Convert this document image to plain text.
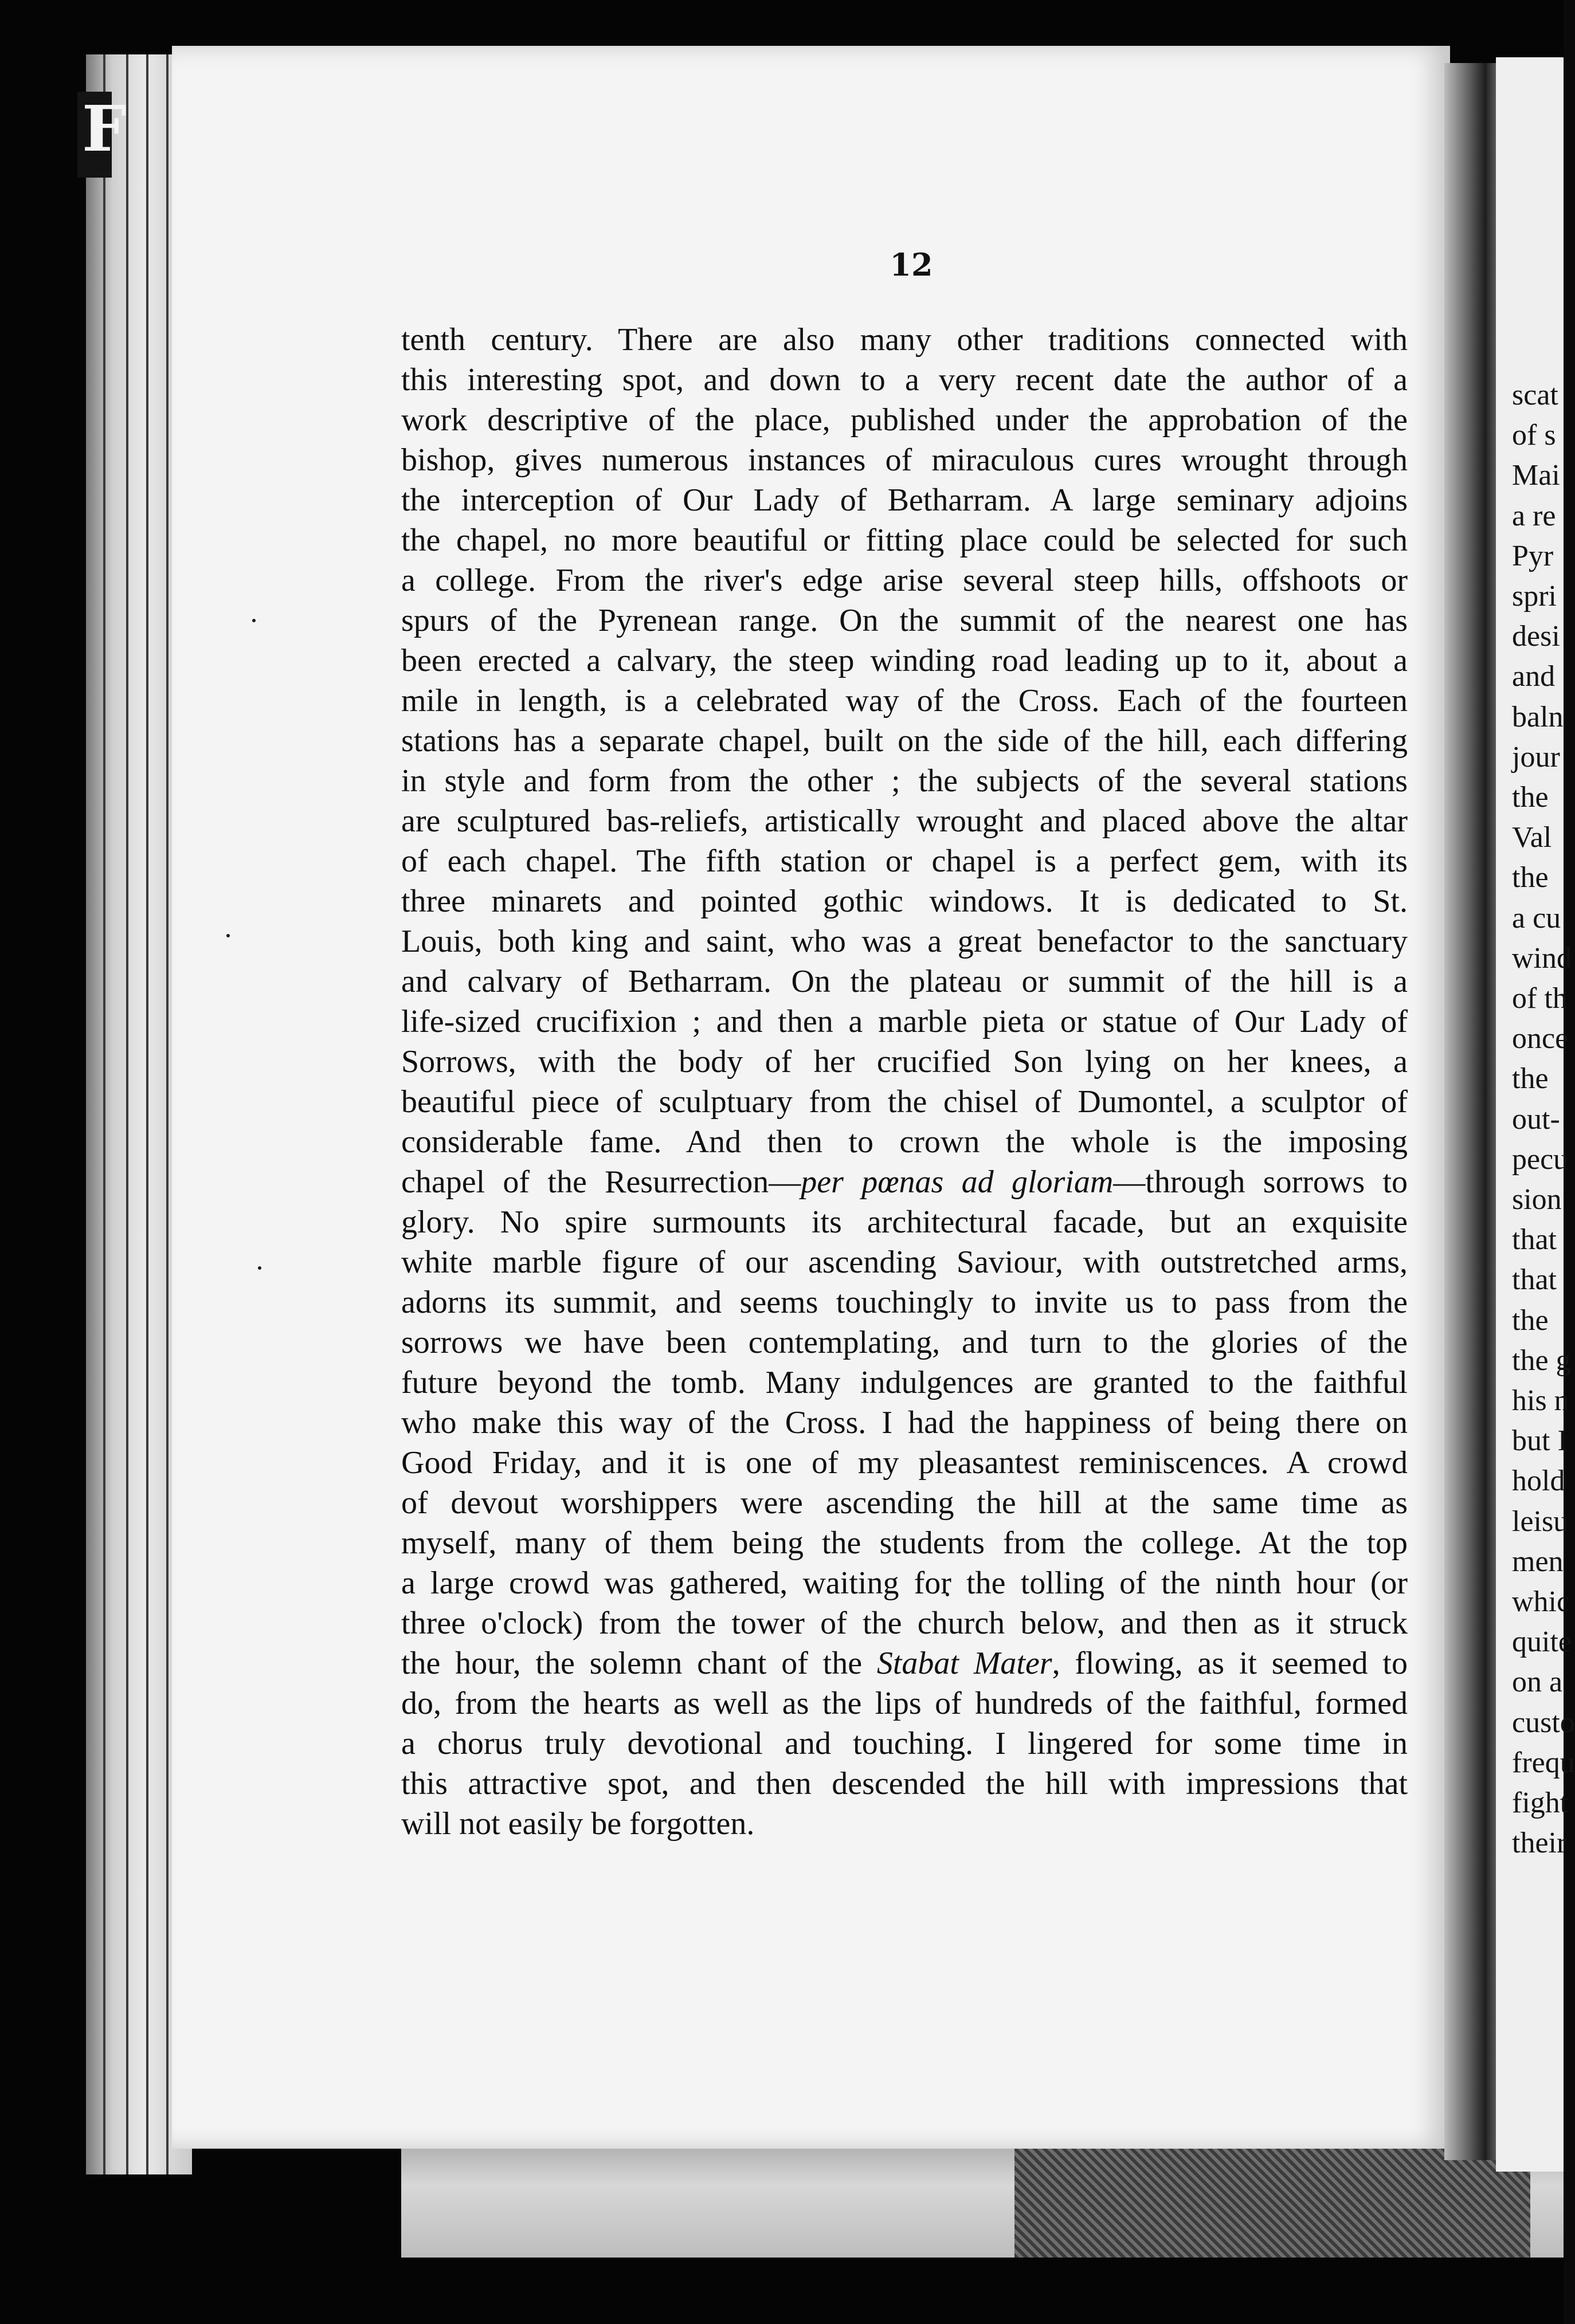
F
12
tenth century. There are also many other traditions connected with
this interesting spot, and down to a very recent date the author of a
work descriptive of the place, published under the approbation of the
bishop, gives numerous instances of miraculous cures wrought through
the interception of Our Lady of Betharram. A large seminary adjoins
the chapel, no more beautiful or fitting place could be selected for such
a college. From the river's edge arise several steep hills, offshoots or
spurs of the Pyrenean range. On the summit of the nearest one has
been erected a calvary, the steep winding road leading up to it, about a
mile in length, is a celebrated way of the Cross. Each of the fourteen
stations has a separate chapel, built on the side of the hill, each differing
in style and form from the other ; the subjects of the several stations
are sculptured bas-reliefs, artistically wrought and placed above the altar
of each chapel. The fifth station or chapel is a perfect gem, with its
three minarets and pointed gothic windows. It is dedicated to St.
Louis, both king and saint, who was a great benefactor to the sanctuary
and calvary of Betharram. On the plateau or summit of the hill is a
life-sized crucifixion ; and then a marble pieta or statue of Our Lady of
Sorrows, with the body of her crucified Son lying on her knees, a
beautiful piece of sculptuary from the chisel of Dumontel, a sculptor of
considerable fame. And then to crown the whole is the imposing
chapel of the Resurrection—per pœnas ad gloriam—through sorrows to
glory. No spire surmounts its architectural facade, but an exquisite
white marble figure of our ascending Saviour, with outstretched arms,
adorns its summit, and seems touchingly to invite us to pass from the
sorrows we have been contemplating, and turn to the glories of the
future beyond the tomb. Many indulgences are granted to the faithful
who make this way of the Cross. I had the happiness of being there on
Good Friday, and it is one of my pleasantest reminiscences. A crowd
of devout worshippers were ascending the hill at the same time as
myself, many of them being the students from the college. At the top
a large crowd was gathered, waiting for the tolling of the ninth hour (or
three o'clock) from the tower of the church below, and then as it struck
the hour, the solemn chant of the Stabat Mater, flowing, as it seemed to
do, from the hearts as well as the lips of hundreds of the faithful, formed
a chorus truly devotional and touching. I lingered for some time in
this attractive spot, and then descended the hill with impressions that
will not easily be forgotten.
scat
of s
Mai
a re
Pyr
spri
desi
and
baln
jour
the
Val
the
a cu
wind
of th
once
the
out-
pecu
sion
that
that
the
the g
his n
but I
hold
leisu
men
whic
quite
on a
custo
frequ
fight
their
